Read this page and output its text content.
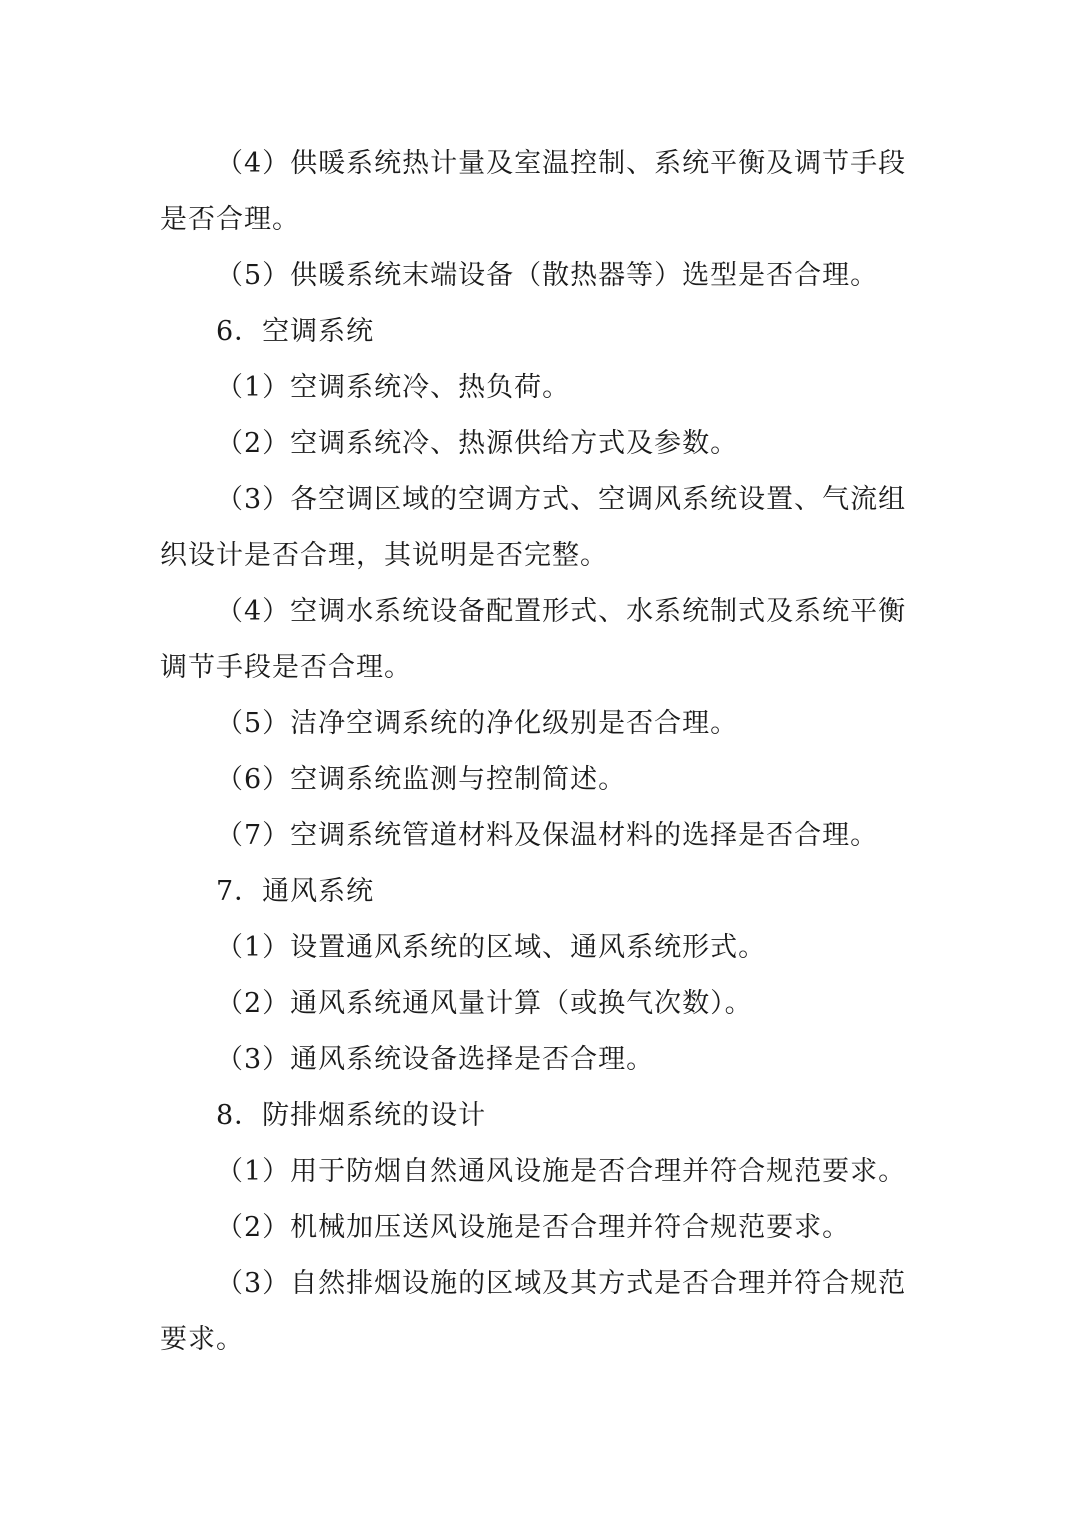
（4）供暖系统热计量及室温控制、系统平衡及调节手段是否合理。

（5）供暖系统末端设备（散热器等）选型是否合理。

6．空调系统

（1）空调系统冷、热负荷。

（2）空调系统冷、热源供给方式及参数。

（3）各空调区域的空调方式、空调风系统设置、气流组织设计是否合理，其说明是否完整。

（4）空调水系统设备配置形式、水系统制式及系统平衡调节手段是否合理。

（5）洁净空调系统的净化级别是否合理。

（6）空调系统监测与控制简述。

（7）空调系统管道材料及保温材料的选择是否合理。

7．通风系统

（1）设置通风系统的区域、通风系统形式。

（2）通风系统通风量计算（或换气次数）。

（3）通风系统设备选择是否合理。

8．防排烟系统的设计

（1）用于防烟自然通风设施是否合理并符合规范要求。

（2）机械加压送风设施是否合理并符合规范要求。

（3）自然排烟设施的区域及其方式是否合理并符合规范要求。
